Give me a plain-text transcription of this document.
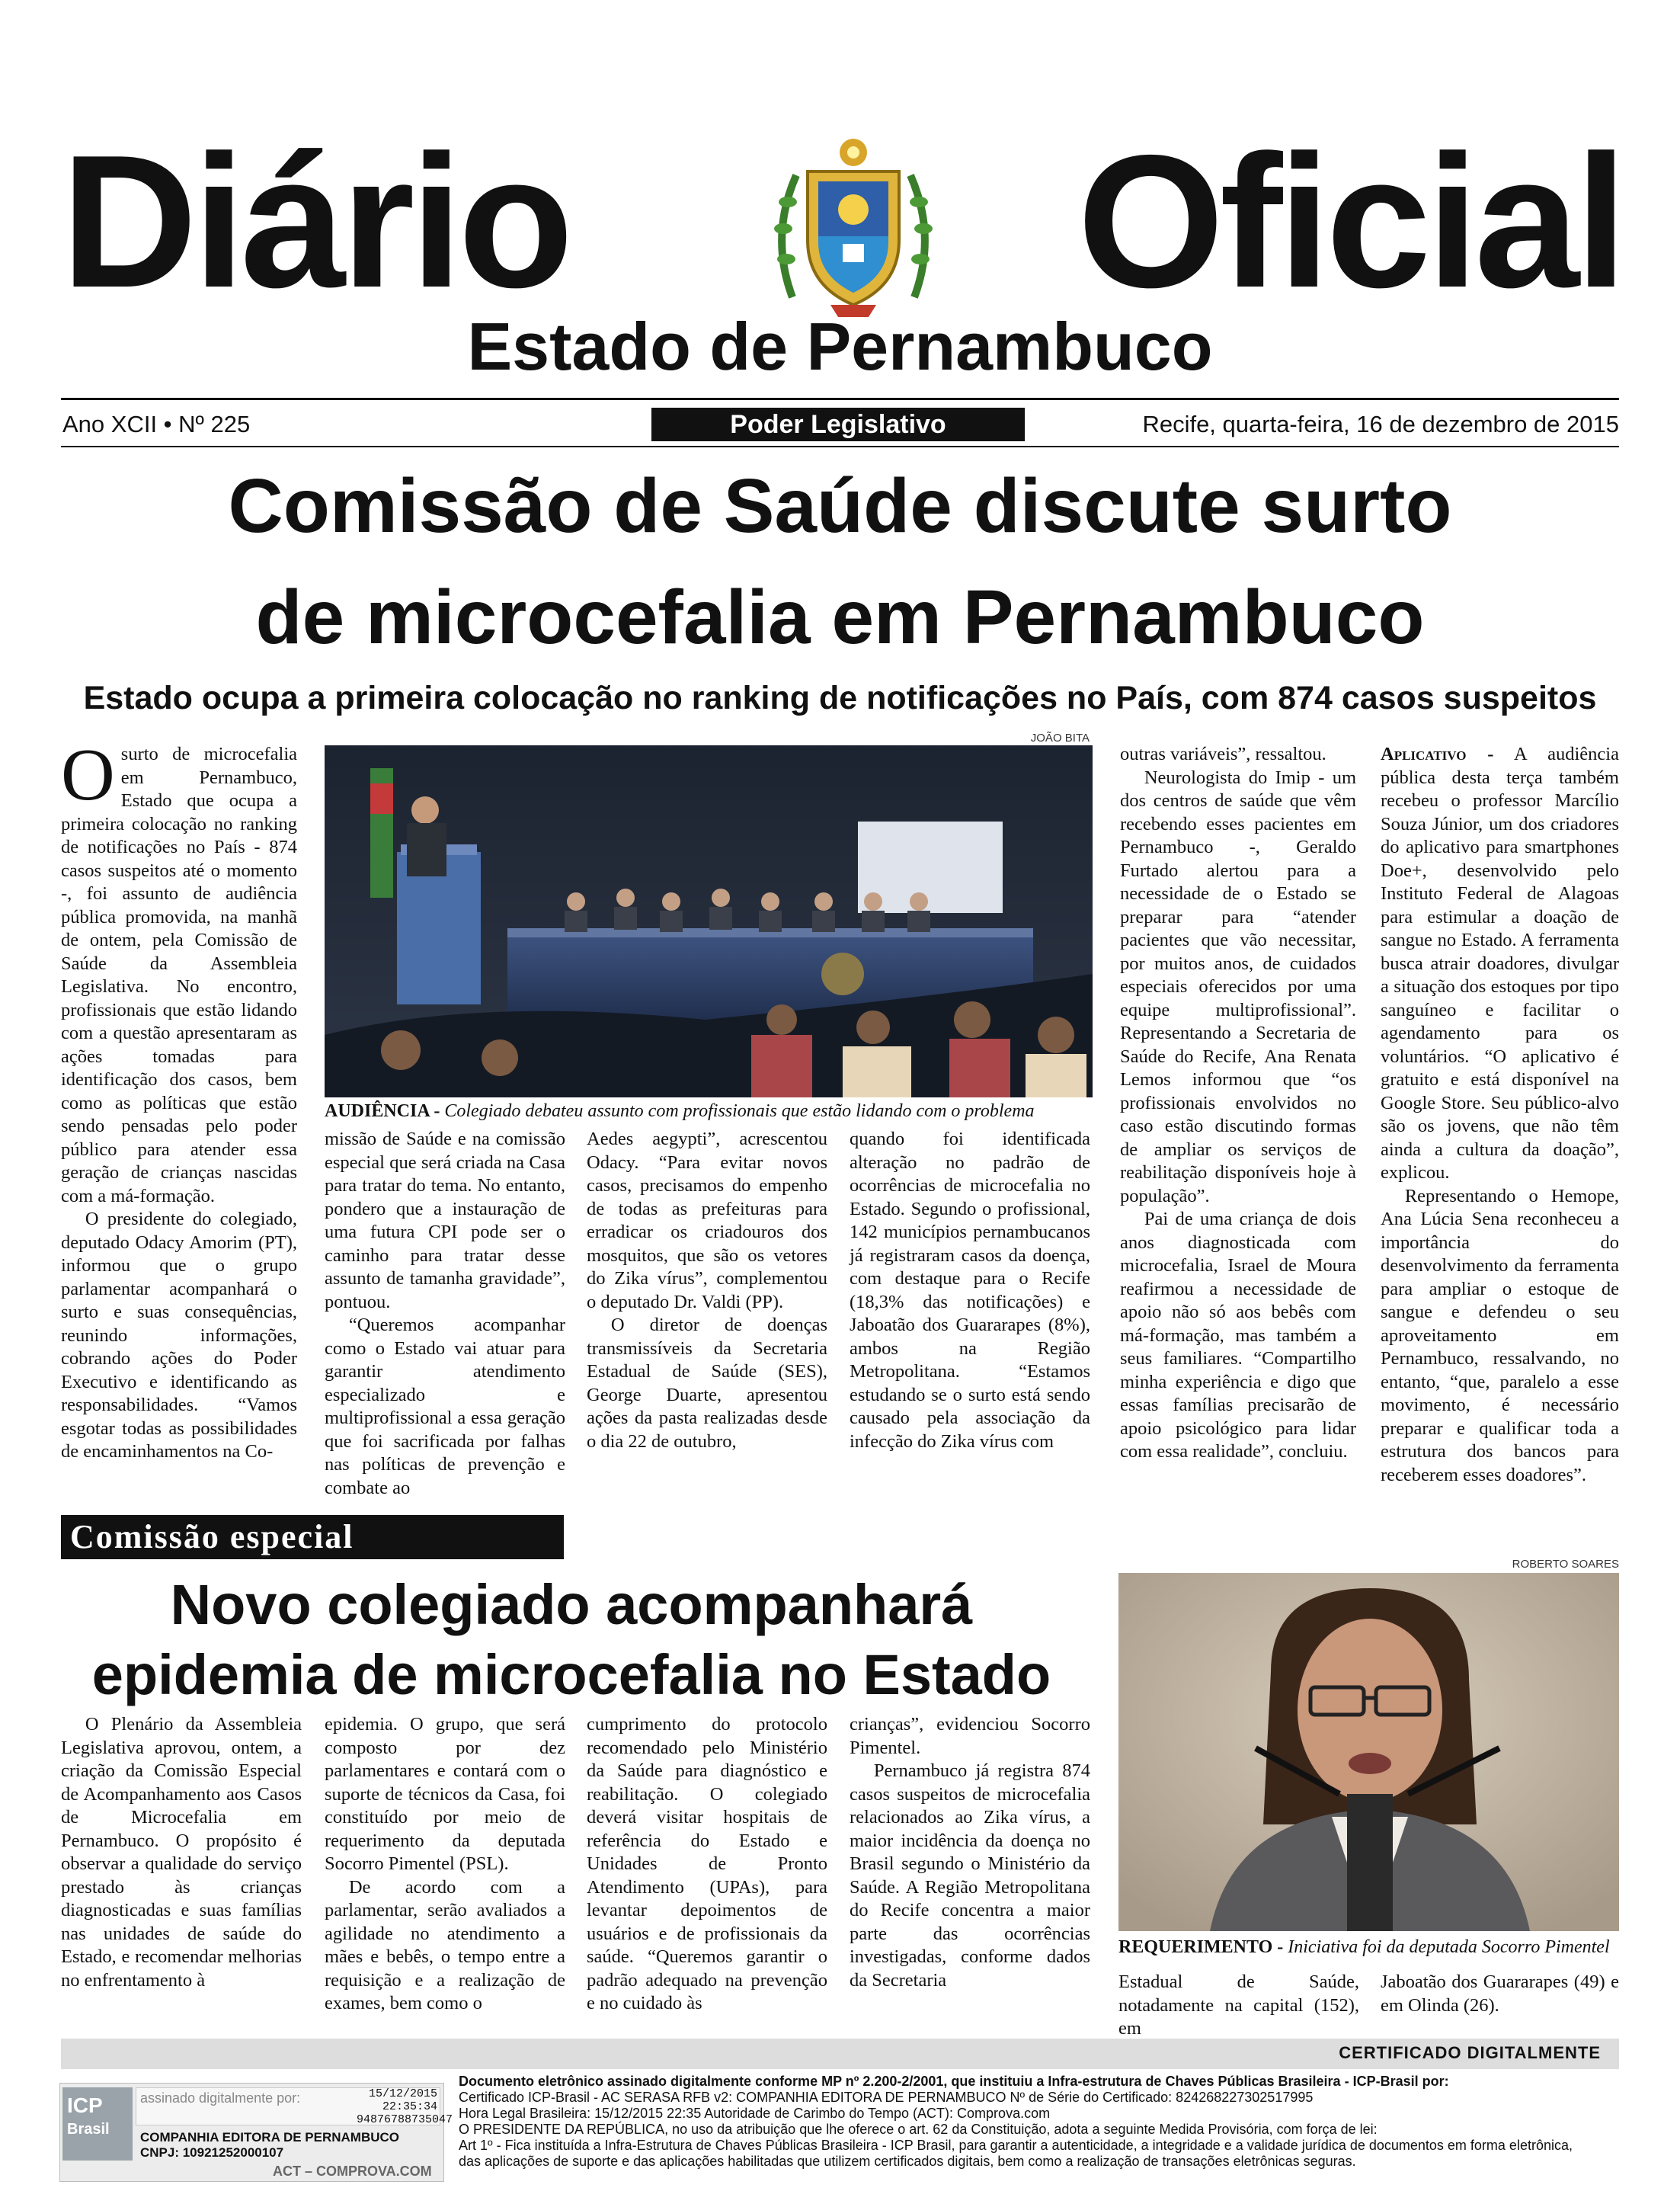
Diário	Oficial
Estado de Pernambuco
Ano XCII • Nº 225	Poder Legislativo	Recife, quarta-feira, 16 de dezembro de 2015
Comissão de Saúde discute surto
de microcefalia em Pernambuco
Estado ocupa a primeira colocação no ranking de notificações no País, com 874 casos suspeitos

Osurto de microcefalia em Pernambuco, Estado que ocupa a primeira colocação no ranking de notificações no País - 874 casos suspeitos até o momento -, foi assunto de audiência pública promovida, na manhã de ontem, pela Comissão de Saúde da Assembleia Legislativa. No encontro, profissionais que estão lidando com a questão apresentaram as ações tomadas para identificação dos casos, bem como as políticas que estão sendo pensadas pelo poder público para atender essa geração de crianças nascidas com a má-formação.

O presidente do colegiado, deputado Odacy Amorim (PT), informou que o grupo parlamentar acompanhará o surto e suas consequências, reunindo informações, cobrando ações do Poder Executivo e identificando as responsabilidades. “Vamos esgotar todas as possibilidades de encaminhamentos na Co-

JOÃO BITA
AUDIÊNCIA - Colegiado debateu assunto com profissionais que estão lidando com o problema

missão de Saúde e na comissão especial que será criada na Casa para tratar do tema. No entanto, pondero que a instauração de uma futura CPI pode ser o caminho para tratar desse assunto de tamanha gravidade”, pontuou.

“Queremos acompanhar como o Estado vai atuar para garantir atendimento especializado e multiprofissional a essa geração que foi sacrificada por falhas nas políticas de prevenção e combate ao

Aedes aegypti”, acrescentou Odacy. “Para evitar novos casos, precisamos do empenho de todas as prefeituras para erradicar os criadouros dos mosquitos, que são os vetores do Zika vírus”, complementou o deputado Dr. Valdi (PP).

O diretor de doenças transmissíveis da Secretaria Estadual de Saúde (SES), George Duarte, apresentou ações da pasta realizadas desde o dia 22 de outubro,

quando foi identificada alteração no padrão de ocorrências de microcefalia no Estado. Segundo o profissional, 142 municípios pernambucanos já registraram casos da doença, com destaque para o Recife (18,3% das notificações) e Jaboatão dos Guararapes (8%), ambos na Região Metropolitana. “Estamos estudando se o surto está sendo causado pela associação da infecção do Zika vírus com

outras variáveis”, ressaltou.

Neurologista do Imip - um dos centros de saúde que vêm recebendo esses pacientes em Pernambuco -, Geraldo Furtado alertou para a necessidade de o Estado se preparar para “atender pacientes que vão necessitar, por muitos anos, de cuidados especiais oferecidos por uma equipe multiprofissional”. Representando a Secretaria de Saúde do Recife, Ana Renata Lemos informou que “os profissionais envolvidos no caso estão discutindo formas de ampliar os serviços de reabilitação disponíveis hoje à população”.

Pai de uma criança de dois anos diagnosticada com microcefalia, Israel de Moura reafirmou a necessidade de apoio não só aos bebês com má-formação, mas também a seus familiares. “Compartilho minha experiência e digo que essas famílias precisarão de apoio psicológico para lidar com essa realidade”, concluiu.

Aplicativo - A audiência pública desta terça também recebeu o professor Marcílio Souza Júnior, um dos criadores do aplicativo para smartphones Doe+, desenvolvido pelo Instituto Federal de Alagoas para estimular a doação de sangue no Estado. A ferramenta busca atrair doadores, divulgar a situação dos estoques por tipo sanguíneo e facilitar o agendamento para os voluntários. “O aplicativo é gratuito e está disponível na Google Store. Seu público-alvo são os jovens, que não têm ainda a cultura da doação”, explicou.

Representando o Hemope, Ana Lúcia Sena reconheceu a importância do desenvolvimento da ferramenta para ampliar o estoque de sangue e defendeu o seu aproveitamento em Pernambuco, ressalvando, no entanto, “que, paralelo a esse movimento, é necessário preparar e qualificar toda a estrutura dos bancos para receberem esses doadores”.

Comissão especial
Novo colegiado acompanhará
epidemia de microcefalia no Estado

O Plenário da Assembleia Legislativa aprovou, ontem, a criação da Comissão Especial de Acompanhamento aos Casos de Microcefalia em Pernambuco. O propósito é observar a qualidade do serviço prestado às crianças diagnosticadas e suas famílias nas unidades de saúde do Estado, e recomendar melhorias no enfrentamento à

epidemia. O grupo, que será composto por dez parlamentares e contará com o suporte de técnicos da Casa, foi constituído por meio de requerimento da deputada Socorro Pimentel (PSL).

De acordo com a parlamentar, serão avaliados a agilidade no atendimento a mães e bebês, o tempo entre a requisição e a realização de exames, bem como o

cumprimento do protocolo recomendado pelo Ministério da Saúde para diagnóstico e reabilitação. O colegiado deverá visitar hospitais de referência do Estado e Unidades de Pronto Atendimento (UPAs), para levantar depoimentos de usuários e de profissionais da saúde. “Queremos garantir o padrão adequado na prevenção e no cuidado às

crianças”, evidenciou Socorro Pimentel.

Pernambuco já registra 874 casos suspeitos de microcefalia relacionados ao Zika vírus, a maior incidência da doença no Brasil segundo o Ministério da Saúde. A Região Metropolitana do Recife concentra a maior parte das ocorrências investigadas, conforme dados da Secretaria

ROBERTO SOARES
REQUERIMENTO - Iniciativa foi da deputada Socorro Pimentel

Estadual de Saúde, notadamente na capital (152), em

Jaboatão dos Guararapes (49) e em Olinda (26).

CERTIFICADO DIGITALMENTE
ICP
Brasil
assinado digitalmente por:	15/12/2015
22:35:34
94876788735047
COMPANHIA EDITORA DE PERNAMBUCO
CNPJ: 10921252000107
ACT – COMPROVA.COM
Documento eletrônico assinado digitalmente conforme MP nº 2.200-2/2001, que instituiu a Infra-estrutura de Chaves Públicas Brasileira - ICP-Brasil por:
Certificado ICP-Brasil - AC SERASA RFB v2: COMPANHIA EDITORA DE PERNAMBUCO Nº de Série do Certificado: 824268227302517995
Hora Legal Brasileira: 15/12/2015 22:35 Autoridade de Carimbo do Tempo (ACT): Comprova.com
O PRESIDENTE DA REPÚBLICA, no uso da atribuição que lhe oferece o art. 62 da Constituição, adota a seguinte Medida Provisória, com força de lei:
Art 1º - Fica instituída a Infra-Estrutura de Chaves Públicas Brasileira - ICP Brasil, para garantir a autenticidade, a integridade e a validade jurídica de documentos em forma eletrônica,
das aplicações de suporte e das aplicações habilitadas que utilizem certificados digitais, bem como a realização de transações eletrônicas seguras.
